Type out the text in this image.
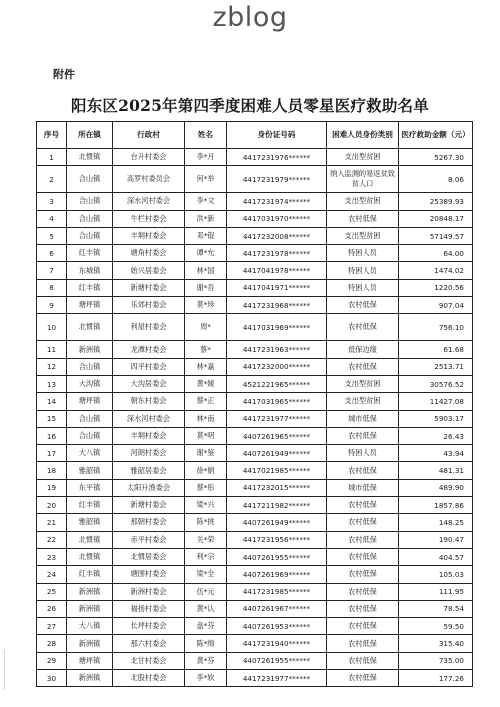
zblog
附件
阳东区2025年第四季度困难人员零星医疗救助名单
序号	所在镇	行政村	姓名	身份证号码	困难人员身份类别	医疗救助金额（元）
1	北惯镇	台升村委会	李*月	4417231976******	支出型贫困	5267.30
2	合山镇	高罗村委员会	何*举	4417231979******	纳入监测的易返贫致贫人口	8.06
3	合山镇	深水河村委会	李*文	4417231974******	支出型贫困	25389.93
4	合山镇	牛栏村委会	洪*新	4417031970******	农村低保	20848.17
5	合山镇	丰垌村委会	邓*锟	4417232008******	支出型贫困	57149.57
6	红丰镇	塘角村委会	谭*允	4417231978******	特困人员	64.00
7	东城镇	始兴居委会	林*国	4417041978******	特困人员	1474.02
8	红丰镇	新塘村委会	谢*吾	4417041971******	特困人员	1220.56
9	塘坪镇	乐郊村委会	莫*珍	4417231968******	农村低保	907.04
10	北惯镇	利屋村委会	周*	4417031969******	农村低保	756.10
11	新洲镇	龙潭村委会	蔡*	4417231963******	低保边缘	61.68
12	合山镇	四平村委会	林*嘉	4417232000******	农村低保	2513.71
13	大沟镇	大沟居委会	黄*媛	4521221965******	支出型贫困	30576.52
14	塘坪镇	朝东村委会	蔡*正	4417031965******	支出型贫困	11427.08
15	合山镇	深水河村委会	林*南	4417231977******	城市低保	5903.17
16	合山镇	丰垌村委会	莫*明	4407261965******	农村低保	26.43
17	大八镇	河朗村委会	谢*鉴	4407261949******	特困人员	43.94
18	雅韶镇	雅韶居委会	徐*娟	4417021985******	农村低保	481.31
19	东平镇	太阳升渔委会	蔡*彤	4417232015******	城市低保	489.90
20	红丰镇	新塘村委会	梁*兴	4417211982******	农村低保	1857.86
21	雅韶镇	那朝村委会	陈*挑	4407261949******	农村低保	148.25
22	北惯镇	赤平村委会	关*荣	4417231956******	农村低保	190.47
23	北惯镇	北惯居委会	利*宗	4407261955******	农村低保	404.57
24	红丰镇	塘围村委会	梁*全	4407261969******	农村低保	105.03
25	新洲镇	新洲村委会	伍*元	4417231985******	农村低保	111.95
26	新洲镇	福扬村委会	黄*认	4407261967******	农村低保	78.54
27	大八镇	长坪村委会	盘*芬	4407261953******	农村低保	59.50
28	新洲镇	那六村委会	陈*绵	4417231940******	农村低保	315.40
29	塘坪镇	北甘村委会	黄*芬	4407261955******	农村低保	735.00
30	新洲镇	北股村委会	李*软	4417231977******	农村低保	177.26
